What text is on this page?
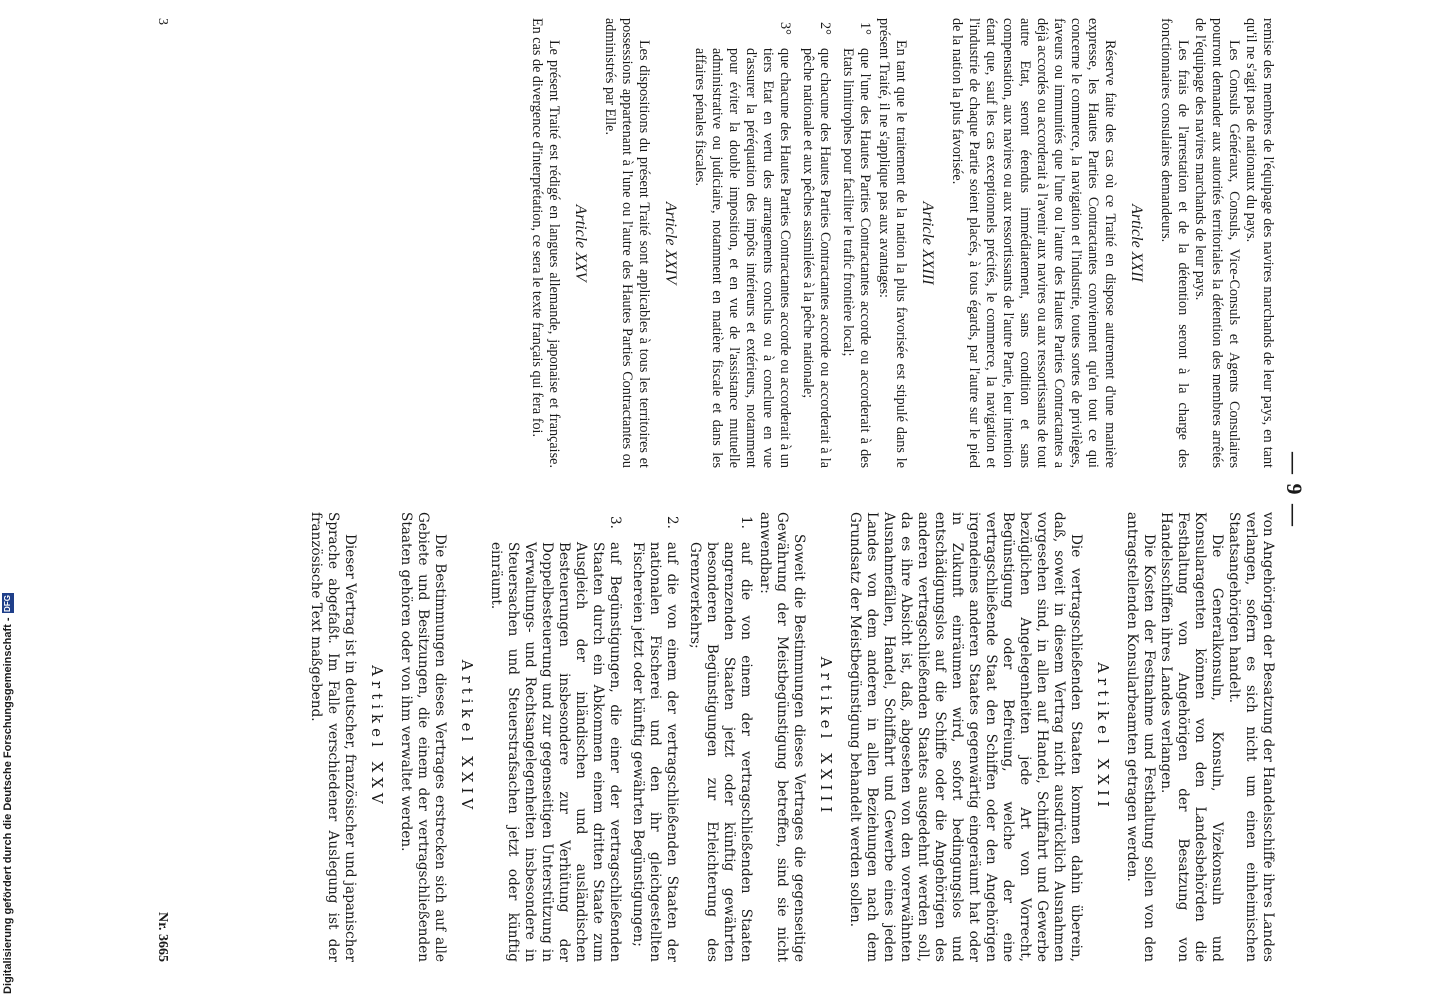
Digitalisierung gefördert durch die Deutsche Forschungsgemeinschaft -
DFG
— 9 —

remise des membres de l'équipage des navires marchands de leur pays, en tant qu'il ne s'agit pas de nationaux du pays.

Les Consuls Généraux, Consuls, Vice-Consuls et Agents Consulaires pourront demander aux autorités territoriales la détention des membres arrêtés de l'équipage des navires marchands de leur pays.

Les frais de l'arrestation et de la détention seront à la charge des fonctionnaires consulaires demandeurs.

Article XXII

Réserve faite des cas où ce Traité en dispose autrement d'une manière expresse, les Hautes Parties Contractantes conviennent qu'en tout ce qui concerne le commerce, la navigation et l'industrie, toutes sortes de privilèges, faveurs ou immunités que l'une ou l'autre des Hautes Parties Contractantes a déjà accordés ou accorderait à l'avenir aux navires ou aux ressortissants de tout autre Etat, seront étendus immédiatement, sans condition et sans compensation, aux navires ou aux ressortissants de l'autre Partie, leur intention étant que, sauf les cas exceptionnels précités, le commerce, la navigation et l'industrie de chaque Partie soient placés, à tous égards, par l'autre sur le pied de la nation la plus favorisée.

Article XXIII

En tant que le traitement de la nation la plus favorisée est stipulé dans le présent Traité, il ne s'applique pas aux avantages:

1°
que l'une des Hautes Parties Contractantes accorde ou accorderait à des Etats limitrophes pour faciliter le trafic frontière local;
2°
que chacune des Hautes Parties Contractantes accorde ou accorderait à la pêche nationale et aux pêches assimilées à la pêche nationale;
3°
que chacune des Hautes Parties Contractantes accorde ou accorderait à un tiers Etat en vertu des arrangements conclus ou à conclure en vue d'assurer la péréquation des impôts intérieurs et extérieurs, notamment pour éviter la double imposition, et en vue de l'assistance mutuelle administrative ou judiciaire, notamment en matière fiscale et dans les affaires pénales fiscales.
Article XXIV

Les dispositions du présent Traité sont applicables à tous les territoires et possessions appartenant à l'une ou l'autre des Hautes Parties Contractantes ou administrés par Elle.

Article XXV

Le présent Traité est rédigé en langues allemande, japonaise et française. En cas de divergence d'interprétation, ce sera le texte français qui fera foi.

von Angehörigen der Besatzung der Handelsschiffe ihres Landes verlangen, sofern es sich nicht um einen einheimischen Staatsangehörigen handelt.

Die Generalkonsuln, Konsuln, Vizekonsuln und Konsularagenten können von den Landesbehörden die Festhaltung von Angehörigen der Besatzung von Handelsschiffen ihres Landes verlangen.

Die Kosten der Festnahme und Festhaltung sollen von den antragstellenden Konsularbeamten getragen werden.

Artikel XXII

Die vertragschließenden Staaten kommen dahin überein, daß, soweit in diesem Vertrag nicht ausdrücklich Ausnahmen vorgesehen sind, in allen auf Handel, Schiffahrt und Gewerbe bezüglichen Angelegenheiten jede Art von Vorrecht, Begünstigung oder Befreiung, welche der eine vertragschließende Staat den Schiffen oder den Angehörigen irgendeines anderen Staates gegenwärtig eingeräumt hat oder in Zukunft einräumen wird, sofort bedingungslos und entschädigungslos auf die Schiffe oder die Angehörigen des anderen vertragschließenden Staates ausgedehnt werden soll, da es ihre Absicht ist, daß, abgesehen von den vorerwähnten Ausnahmefällen, Handel, Schiffahrt und Gewerbe eines jeden Landes von dem anderen in allen Beziehungen nach dem Grundsatz der Meistbegünstigung behandelt werden sollen.

Artikel XXIII

Soweit die Bestimmungen dieses Vertrages die gegenseitige Gewährung der Meistbegünstigung betreffen, sind sie nicht anwendbar:

1.
auf die von einem der vertragschließenden Staaten angrenzenden Staaten jetzt oder künftig gewährten besonderen Begünstigungen zur Erleichterung des Grenzverkehrs;
2.
auf die von einem der vertragschließenden Staaten der nationalen Fischerei und den ihr gleichgestellten Fischereien jetzt oder künftig gewährten Begünstigungen;
3.
auf Begünstigungen, die einer der vertragschließenden Staaten durch ein Abkommen einem dritten Staate zum Ausgleich der inländischen und ausländischen Besteuerungen insbesondere zur Verhütung der Doppelbesteuerung und zur gegenseitigen Unterstützung in Verwaltungs- und Rechtsangelegenheiten insbesondere in Steuersachen und Steuerstrafsachen jetzt oder künftig einräumt.
Artikel XXIV

Die Bestimmungen dieses Vertrages erstrecken sich auf alle Gebiete und Besitzungen, die einem der vertragschließenden Staaten gehören oder von ihm verwaltet werden.

Artikel XXV

Dieser Vertrag ist in deutscher, französischer und japanischer Sprache abgefaßt. Im Falle verschiedener Auslegung ist der französische Text maßgebend.

3
Nr. 3665
